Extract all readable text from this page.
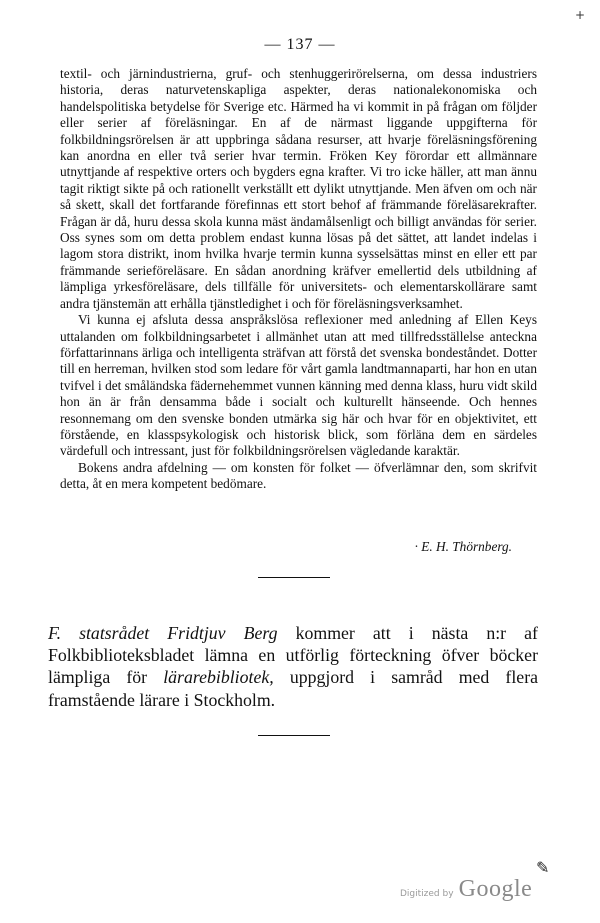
+
— 137 —

textil- och järnindustrierna, gruf- och stenhuggerirörelserna, om dessa industriers historia, deras naturvetenskapliga aspekter, deras nationalekonomiska och handelspolitiska betydelse för Sverige etc. Härmed ha vi kommit in på frågan om följder eller serier af föreläsningar. En af de närmast liggande uppgifterna för folkbildningsrörelsen är att uppbringa sådana resurser, att hvarje föreläsningsförening kan anordna en eller två serier hvar termin. Fröken Key förordar ett allmännare utnyttjande af respektive orters och bygders egna krafter. Vi tro icke häller, att man ännu tagit riktigt sikte på och rationellt verkställt ett dylikt utnyttjande. Men äfven om och när så skett, skall det fortfarande förefinnas ett stort behof af främmande föreläsarekrafter. Frågan är då, huru dessa skola kunna mäst ändamålsenligt och billigt användas för serier. Oss synes som om detta problem endast kunna lösas på det sättet, att landet indelas i lagom stora distrikt, inom hvilka hvarje termin kunna sysselsättas minst en eller ett par främmande serieföreläsare. En sådan anordning kräfver emellertid dels utbildning af lämpliga yrkesföreläsare, dels tillfälle för universitets- och elementarskollärare samt andra tjänstemän att erhålla tjänstledighet i och för föreläsningsverksamhet.

Vi kunna ej afsluta dessa anspråkslösa reflexioner med anledning af Ellen Keys uttalanden om folkbildningsarbetet i allmänhet utan att med tillfredsställelse anteckna författarinnans ärliga och intelligenta sträfvan att förstå det svenska bondeståndet. Dotter till en herreman, hvilken stod som ledare för vårt gamla landtmannaparti, har hon en utan tvifvel i det småländska fädernehemmet vunnen känning med denna klass, huru vidt skild hon än är från densamma både i socialt och kulturellt hänseende. Och hennes resonnemang om den svenske bonden utmärka sig här och hvar för en objektivitet, ett förstående, en klasspsykologisk och historisk blick, som förläna dem en särdeles värdefull och intressant, just för folkbildningsrörelsen vägledande karaktär.

Bokens andra afdelning — om konsten för folket — öfverlämnar den, som skrifvit detta, åt en mera kompetent bedömare.

· E. H. Thörnberg.
F. statsrådet Fridtjuv Berg kommer att i nästa n:r af Folkbiblioteksbladet lämna en utförlig förteckning öfver böcker lämpliga för lärarebibliotek, uppgjord i samråd med flera framstående lärare i Stockholm.
✎
Digitized by Google
